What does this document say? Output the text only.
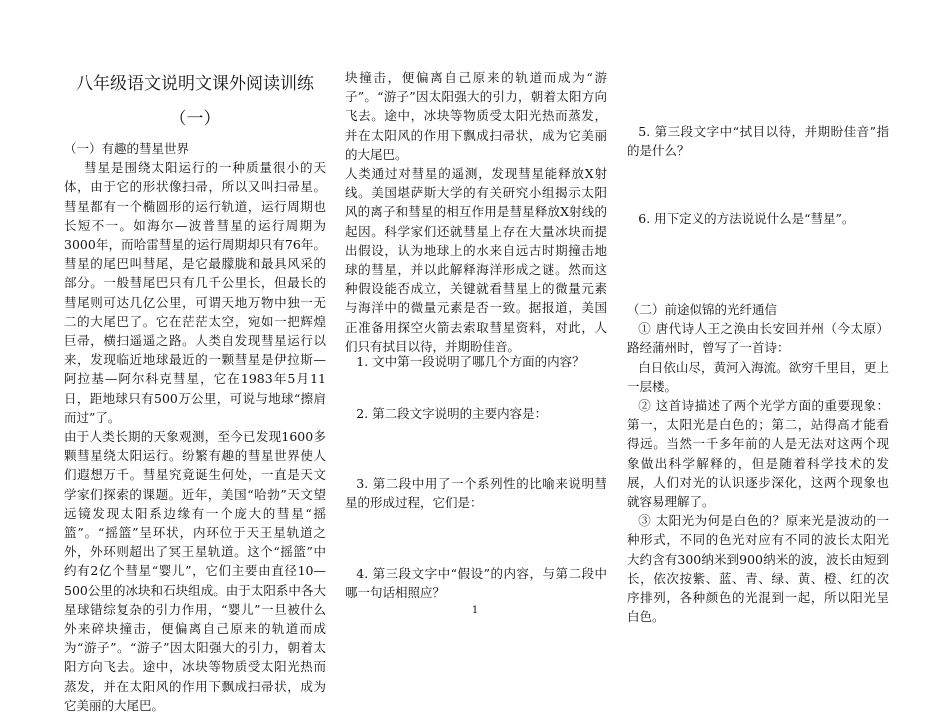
八年级语文说明文课外阅读训练
（一）

（一）有趣的彗星世界

彗星是围绕太阳运行的一种质量很小的天体，由于它的形状像扫帚，所以又叫扫帚星。彗星都有一个椭圆形的运行轨道，运行周期也长短不一。如海尔—波普彗星的运行周期为3000年，而哈雷彗星的运行周期却只有76年。彗星的尾巴叫彗尾，是它最朦胧和最具风采的部分。一般彗尾巴只有几千公里长，但最长的彗尾则可达几亿公里，可谓天地万物中独一无二的大尾巴了。它在茫茫太空，宛如一把辉煌巨帚，横扫遥遥之路。人类自发现彗星运行以来，发现临近地球最近的一颗彗星是伊拉斯—阿拉基—阿尔科克彗星，它在1983年5月11日，距地球只有500万公里，可说与地球“擦肩而过”了。

由于人类长期的天象观测，至今已发现1600多颗彗星绕太阳运行。纷繁有趣的彗星世界使人们遐想万千。彗星究竟诞生何处，一直是天文学家们探索的课题。近年，美国“哈勃”天文望远镜发现太阳系边缘有一个庞大的彗星“摇篮”。“摇篮”呈环状，内环位于天王星轨道之外，外环则超出了冥王星轨道。这个“摇篮”中约有2亿个彗星“婴儿”，它们主要由直径10—500公里的冰块和石块组成。由于太阳系中各大星球错综复杂的引力作用，“婴儿”一旦被什么外来碎块撞击，便偏离自己原来的轨道而成为“游子”。“游子”因太阳强大的引力，朝着太阳方向飞去。途中，冰块等物质受太阳光热而蒸发，并在太阳风的作用下飘成扫帚状，成为它美丽的大尾巴。

块撞击，便偏离自己原来的轨道而成为“游子”。“游子”因太阳强大的引力，朝着太阳方向飞去。途中，冰块等物质受太阳光热而蒸发，并在太阳风的作用下飘成扫帚状，成为它美丽的大尾巴。

人类通过对彗星的遥测，发现彗星能释放X射线。美国堪萨斯大学的有关研究小组揭示太阳风的离子和彗星的相互作用是彗星释放X射线的起因。科学家们还就彗星上存在大量冰块而提出假设，认为地球上的水来自远古时期撞击地球的彗星，并以此解释海洋形成之谜。然而这种假设能否成立，关键就看彗星上的微量元素与海洋中的微量元素是否一致。据报道，美国正准备用探空火箭去索取彗星资料，对此，人们只有拭目以待，并期盼佳音。

1. 文中第一段说明了哪几个方面的内容？

2. 第二段文字说明的主要内容是：

3. 第二段中用了一个系列性的比喻来说明彗星的形成过程，它们是：

4. 第三段文字中“假设”的内容，与第二段中哪一句话相照应？

5. 第三段文字中“拭目以待，并期盼佳音”指的是什么？

6. 用下定义的方法说说什么是“彗星”。

（二）前途似锦的光纤通信

① 唐代诗人王之涣由长安回并州（今太原）路经蒲州时，曾写了一首诗：

白日依山尽，黄河入海流。欲穷千里目，更上一层楼。

② 这首诗描述了两个光学方面的重要现象：第一，太阳光是白色的；第二，站得高才能看得远。当然一千多年前的人是无法对这两个现象做出科学解释的，但是随着科学技术的发展，人们对光的认识逐步深化，这两个现象也就容易理解了。

③ 太阳光为何是白色的？原来光是波动的一种形式，不同的色光对应有不同的波长太阳光大约含有300纳米到900纳米的波，波长由短到长，依次按紫、蓝、青、绿、黄、橙、红的次序排列，各种颜色的光混到一起，所以阳光呈白色。

1
